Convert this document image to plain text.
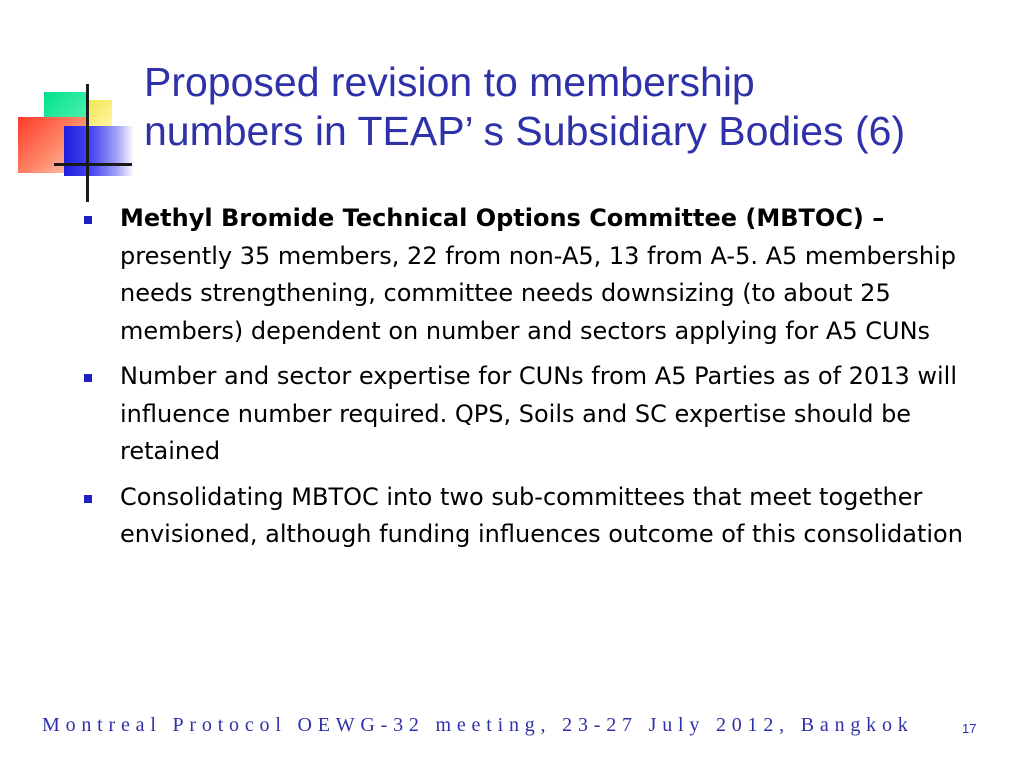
Proposed revision to membership
numbers in TEAP’ s Subsidiary Bodies (6)
Methyl Bromide Technical Options Committee (MBTOC) – presently 35 members, 22 from non-A5, 13 from A-5. A5 membership needs strengthening, committee needs downsizing (to about 25 members) dependent on number and sectors applying for A5 CUNs
Number and sector expertise for CUNs from A5 Parties as of 2013 will influence number required. QPS, Soils and SC expertise should be retained
Consolidating MBTOC into two sub-committees that meet together envisioned, although funding influences outcome of this consolidation
Montreal Protocol OEWG-32 meeting, 23-27 July 2012, Bangkok	17
